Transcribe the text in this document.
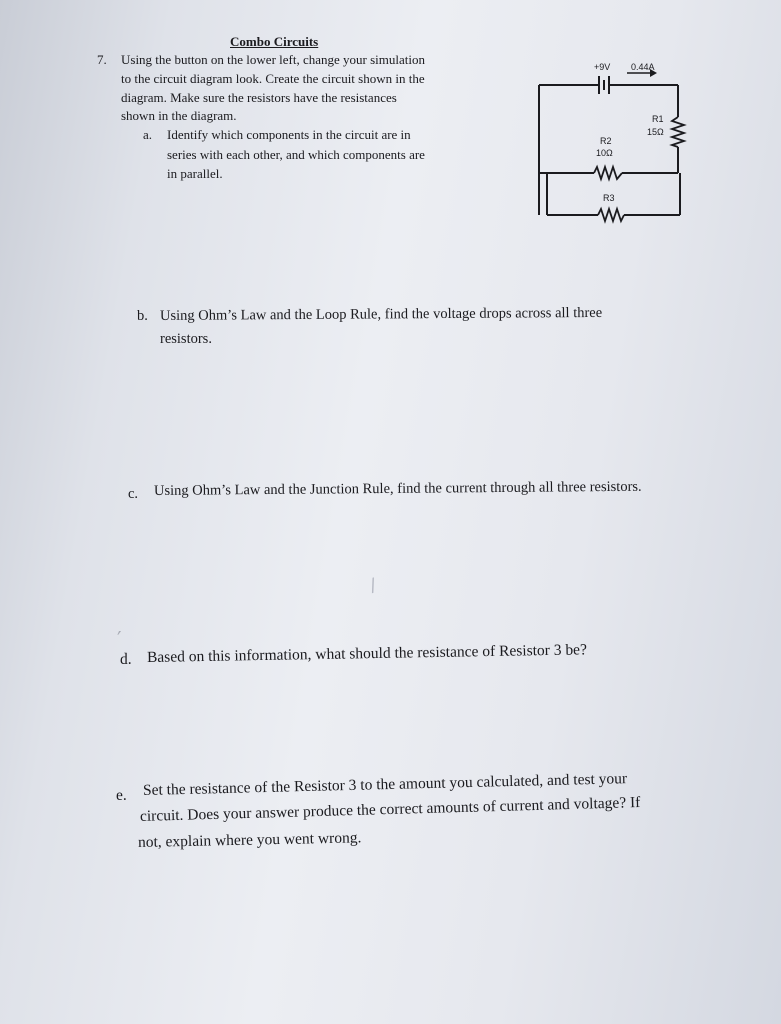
Combo Circuits
7. Using the button on the lower left, change your simulation
to the circuit diagram look. Create the circuit shown in the
diagram. Make sure the resistors have the resistances
shown in the diagram.
a. Identify which components in the circuit are in
series with each other, and which components are
in parallel.
+9V 0.44A
R1
15Ω
R2
10Ω
R3
∕
′
b. Using Ohm’s Law and the Loop Rule, find the voltage drops across all three
resistors.
c. Using Ohm’s Law and the Junction Rule, find the current through all three resistors.
d. Based on this information, what should the resistance of Resistor 3 be?
e. Set the resistance of the Resistor 3 to the amount you calculated, and test your
circuit. Does your answer produce the correct amounts of current and voltage? If
not, explain where you went wrong.
